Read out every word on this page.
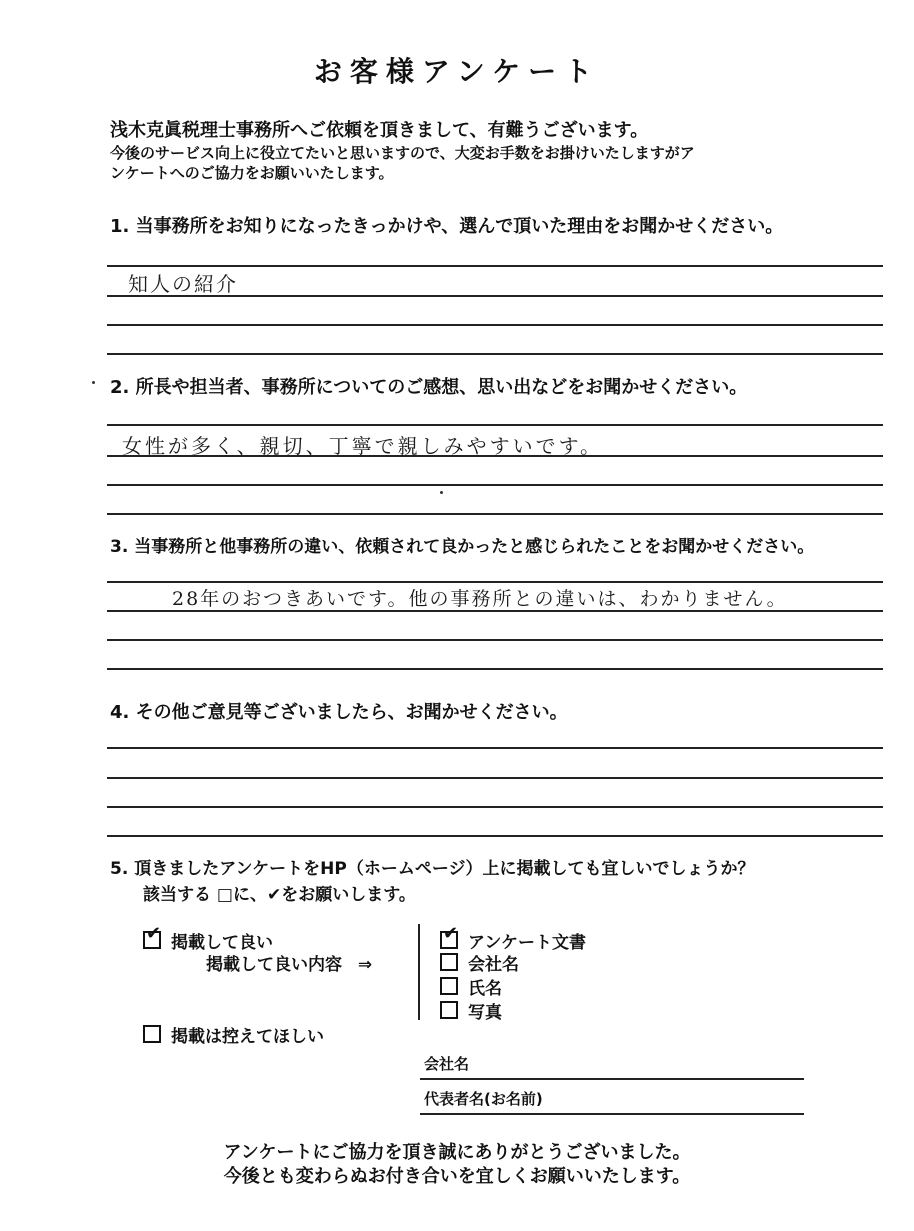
お客様アンケート
浅木克眞税理士事務所へご依頼を頂きまして、有難うございます。
今後のサービス向上に役立てたいと思いますので、大変お手数をお掛けいたしますがア
ンケートへのご協力をお願いいたします。
1. 当事務所をお知りになったきっかけや、選んで頂いた理由をお聞かせください。
知人の紹介
2. 所長や担当者、事務所についてのご感想、思い出などをお聞かせください。
女性が多く、親切、丁寧で親しみやすいです。
3. 当事務所と他事務所の違い、依頼されて良かったと感じられたことをお聞かせください。
28年のおつきあいです。他の事務所との違いは、わかりません。
4. その他ご意見等ございましたら、お聞かせください。
5. 頂きましたアンケートをHP（ホームページ）上に掲載しても宜しいでしょうか？
該当する □に、✔をお願いします。
✔ 掲載して良い
掲載して良い内容 ⇒
✔ アンケート文書
会社名
氏名
写真
掲載は控えてほしい
会社名
代表者名(お名前)
アンケートにご協力を頂き誠にありがとうございました。
今後とも変わらぬお付き合いを宜しくお願いいたします。
